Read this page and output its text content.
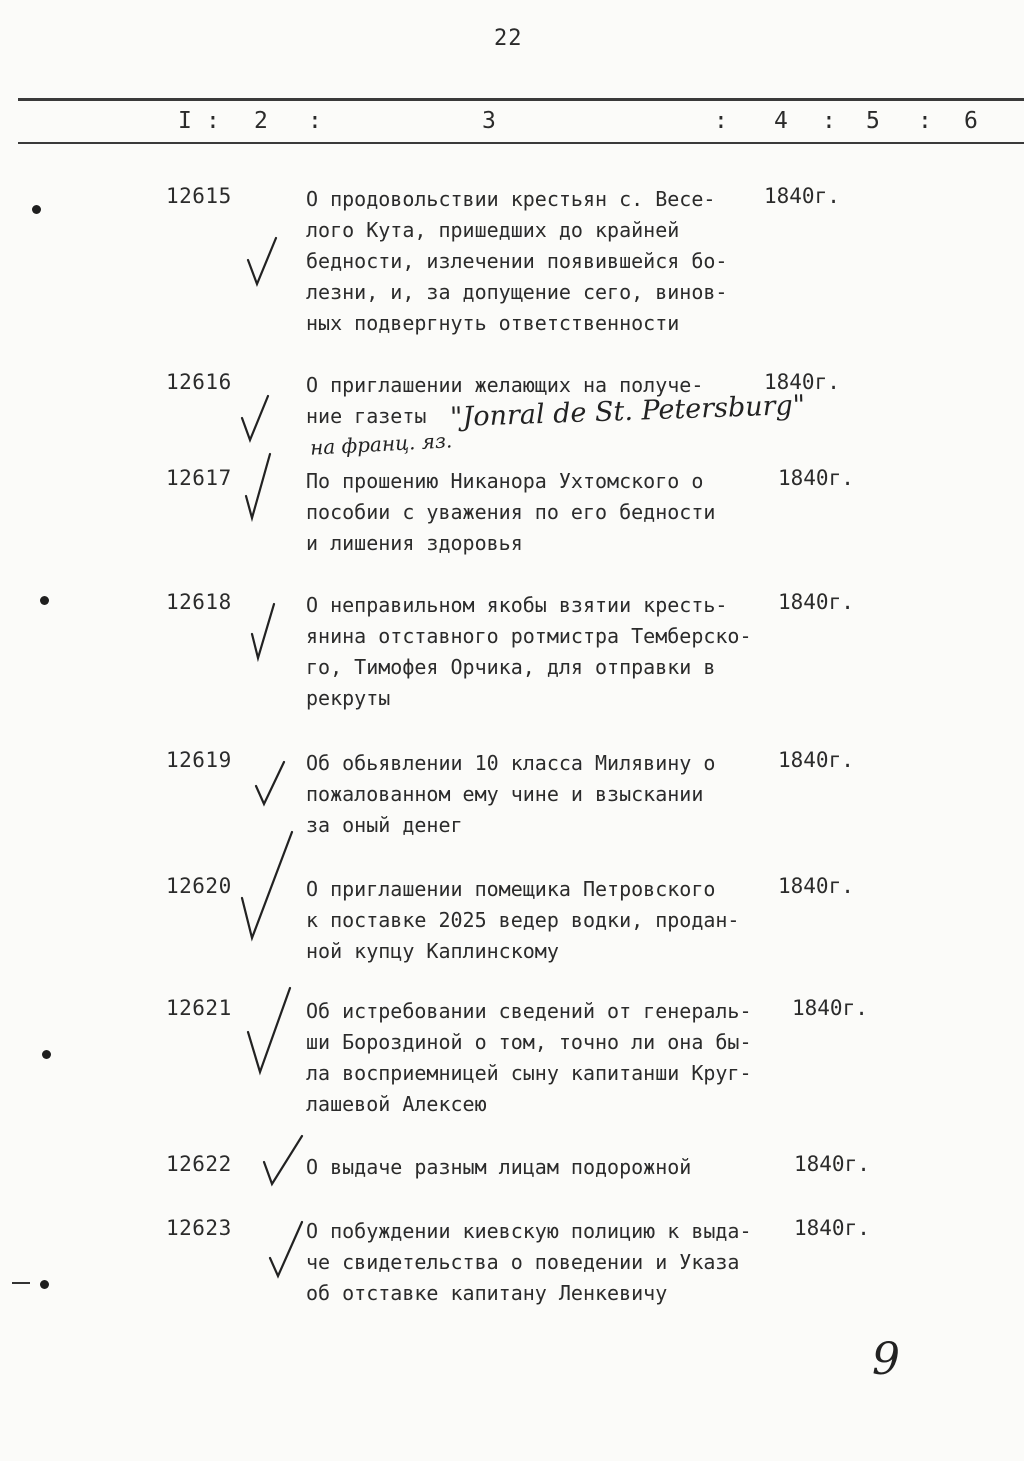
22
I : 2 :	3	: 4 : 5 : 6
12615	О продовольствии крестьян с. Весе-
лого Кута, пришедших до крайней
бедности, излечении появившейся бо-
лезни, и, за допущение сего, винов-
ных подвергнуть ответственности
1840г.
12616	О приглашении желающих на получе-
ние газеты
1840г.
12617	По прошению Никанора Ухтомского о
пособии с уважения по его бедности
и лишения здоровья
1840г.
12618	О неправильном якобы взятии кресть-
янина отставного ротмистра Темберско-
го, Тимофея Орчика, для отправки в
рекруты
1840г.
12619	Об обьявлении 10 класса Милявину о
пожалованном ему чине и взыскании
за оный денег
1840г.
12620	О приглашении помещика Петровского
к поставке 2025 ведер водки, продан-
ной купцу Каплинскому
1840г.
12621	Об истребовании сведений от генераль-
ши Бороздиной о том, точно ли она бы-
ла восприемницей сыну капитанши Круг-
лашевой Алексею
1840г.
12622	О выдаче разным лицам подорожной	1840г.
12623	О побуждении киевскую полицию к выда-
че свидетельства о поведении и Указа
об отставке капитану Ленкевичу
1840г.
"Jonral de St. Petersburg"
на франц. яз.
9
